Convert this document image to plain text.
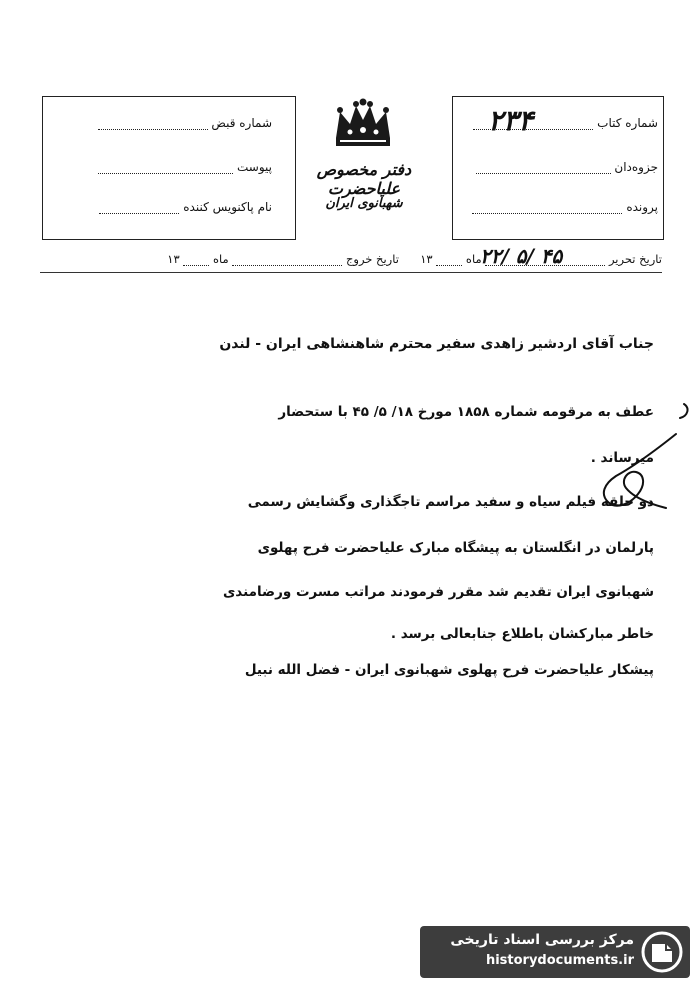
شماره قبض
پیوست
نام پاکنویس کننده
دفتر مخصوص علیاحضرت
شهبانوی ایران
شماره کتاب
۲۳۴
جزوه‌دان
پرونده
تاریخ تحریر  ماه  ۱۳  تاریخ خروج  ماه  ۱۳	۲۲/ ۵/ ۴۵
جناب آقای اردشیر زاهدی سفیر محترم شاهنشاهی ایران - لندن
عطف به مرقومه شماره ۱۸۵۸ مورخ ۱۸/ ۵/ ۴۵ با ستحضار
میرساند .
دو حلقه فیلم سیاه و سفید مراسم تاجگذاری وگشایش رسمی
پارلمان در انگلستان به پیشگاه مبارک علیاحضرت فرح پهلوی
شهبانوی ایران تقدیم شد مقرر فرمودند مراتب مسرت ورضامندی
خاطر مبارکشان باطلاع جنابعالی برسد .
پیشکار علیاحضرت فرح پهلوی شهبانوی ایران - فضل الله نبیل
مرکز بررسی اسناد تاریخی
historydocuments.ir
